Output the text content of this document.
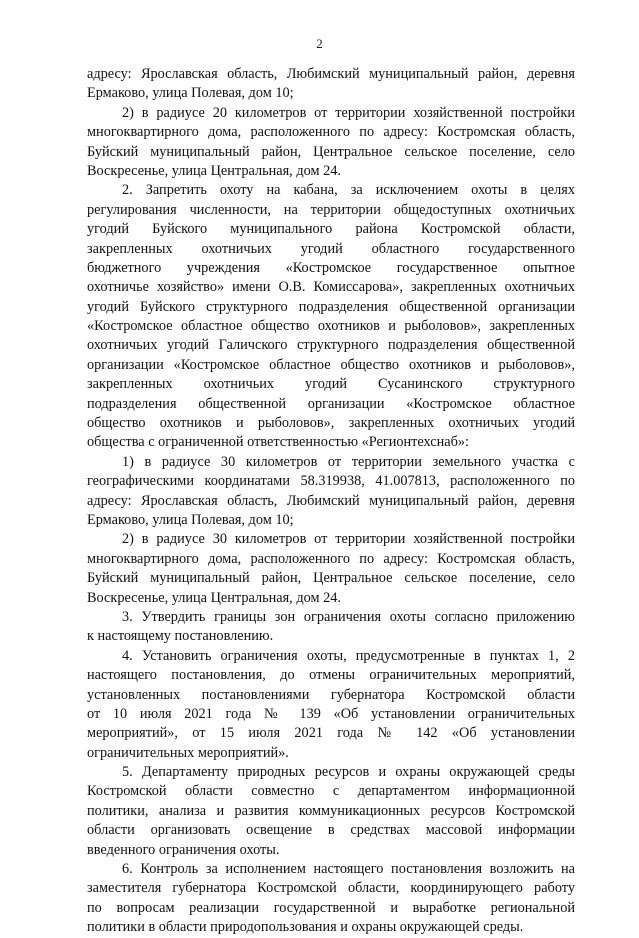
2

адресу: Ярославская область, Любимский муниципальный район, деревня
Ермаково, улица Полевая, дом 10;
2) в радиусе 20 километров от территории хозяйственной постройки
многоквартирного дома, расположенного по адресу: Костромская область,
Буйский муниципальный район, Центральное сельское поселение, село
Воскресенье, улица Центральная, дом 24.
2. Запретить охоту на кабана, за исключением охоты в целях
регулирования численности, на территории общедоступных охотничьих
угодий Буйского муниципального района Костромской области,
закрепленных охотничьих угодий областного государственного
бюджетного учреждения «Костромское государственное опытное
охотничье хозяйство» имени О.В. Комиссарова», закрепленных охотничьих
угодий Буйского структурного подразделения общественной организации
«Костромское областное общество охотников и рыболовов», закрепленных
охотничьих угодий Галичского структурного подразделения общественной
организации «Костромское областное общество охотников и рыболовов»,
закрепленных охотничьих угодий Сусанинского структурного
подразделения общественной организации «Костромское областное
общество охотников и рыболовов», закрепленных охотничьих угодий
общества с ограниченной ответственностью «Регионтехснаб»:
1) в радиусе 30 километров от территории земельного участка с
географическими координатами 58.319938, 41.007813, расположенного по
адресу: Ярославская область, Любимский муниципальный район, деревня
Ермаково, улица Полевая, дом 10;
2) в радиусе 30 километров от территории хозяйственной постройки
многоквартирного дома, расположенного по адресу: Костромская область,
Буйский муниципальный район, Центральное сельское поселение, село
Воскресенье, улица Центральная, дом 24.
3. Утвердить границы зон ограничения охоты согласно приложению
к настоящему постановлению.
4. Установить ограничения охоты, предусмотренные в пунктах 1, 2
настоящего постановления, до отмены ограничительных мероприятий,
установленных постановлениями губернатора Костромской области
от 10 июля 2021 года № 139 «Об установлении ограничительных
мероприятий», от 15 июля 2021 года № 142 «Об установлении
ограничительных мероприятий».
5. Департаменту природных ресурсов и охраны окружающей среды
Костромской области совместно с департаментом информационной
политики, анализа и развития коммуникационных ресурсов Костромской
области организовать освещение в средствах массовой информации
введенного ограничения охоты.
6. Контроль за исполнением настоящего постановления возложить на
заместителя губернатора Костромской области, координирующего работу
по вопросам реализации государственной и выработке региональной
политики в области природопользования и охраны окружающей среды.
